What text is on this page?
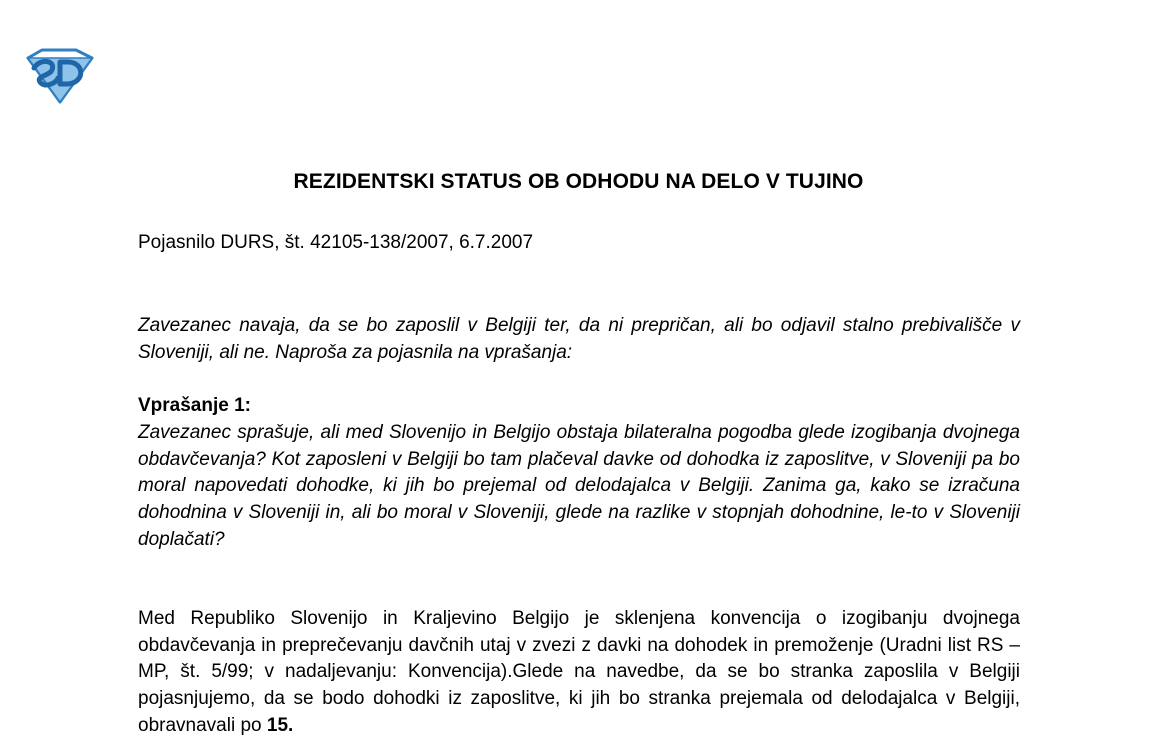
REZIDENTSKI STATUS OB ODHODU NA DELO V TUJINO
Pojasnilo DURS, št. 42105-138/2007, 6.7.2007
Zavezanec navaja, da se bo zaposlil v Belgiji ter, da ni prepričan, ali bo odjavil stalno prebivališče v Sloveniji, ali ne. Naproša za pojasnila na vprašanja:
Vprašanje 1:
Zavezanec sprašuje, ali med Slovenijo in Belgijo obstaja bilateralna pogodba glede izogibanja dvojnega obdavčevanja? Kot zaposleni v Belgiji bo tam plačeval davke od dohodka iz zaposlitve, v Sloveniji pa bo moral napovedati dohodke, ki jih bo prejemal od delodajalca v Belgiji. Zanima ga, kako se izračuna dohodnina v Sloveniji in, ali bo moral v Sloveniji, glede na razlike v stopnjah dohodnine, le-to v Sloveniji doplačati?
Med Republiko Slovenijo in Kraljevino Belgijo je sklenjena konvencija o izogibanju dvojnega obdavčevanja in preprečevanju davčnih utaj v zvezi z davki na dohodek in premoženje (Uradni list RS – MP, št. 5/99; v nadaljevanju: Konvencija).Glede na navedbe, da se bo stranka zaposlila v Belgiji pojasnjujemo, da se bodo dohodki iz zaposlitve, ki jih bo stranka prejemala od delodajalca v Belgiji, obravnavali po 15.
